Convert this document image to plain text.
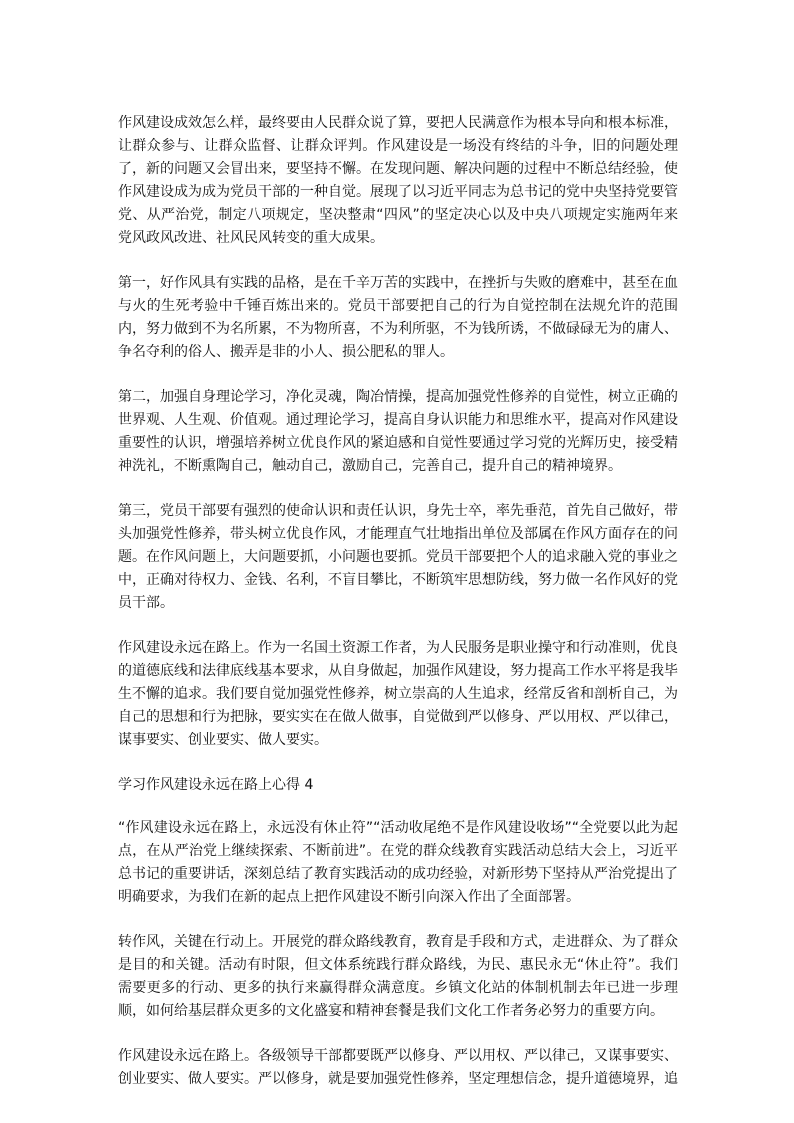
作风建设成效怎么样，最终要由人民群众说了算，要把人民满意作为根本导向和根本标准，让群众参与、让群众监督、让群众评判。作风建设是一场没有终结的斗争，旧的问题处理了，新的问题又会冒出来，要坚持不懈。在发现问题、解决问题的过程中不断总结经验，使作风建设成为成为党员干部的一种自觉。展现了以习近平同志为总书记的党中央坚持党要管党、从严治党，制定八项规定，坚决整肃“四风”的坚定决心以及中央八项规定实施两年来党风政风改进、社风民风转变的重大成果。

第一，好作风具有实践的品格，是在千辛万苦的实践中，在挫折与失败的磨难中，甚至在血与火的生死考验中千锤百炼出来的。党员干部要把自己的行为自觉控制在法规允许的范围内，努力做到不为名所累，不为物所喜，不为利所驱，不为钱所诱，不做碌碌无为的庸人、争名夺利的俗人、搬弄是非的小人、损公肥私的罪人。

第二，加强自身理论学习，净化灵魂，陶冶情操，提高加强党性修养的自觉性，树立正确的世界观、人生观、价值观。通过理论学习，提高自身认识能力和思维水平，提高对作风建设重要性的认识，增强培养树立优良作风的紧迫感和自觉性要通过学习党的光辉历史，接受精神洗礼，不断熏陶自己，触动自己，激励自己，完善自己，提升自己的精神境界。

第三，党员干部要有强烈的使命认识和责任认识，身先士卒，率先垂范，首先自己做好，带头加强党性修养，带头树立优良作风，才能理直气壮地指出单位及部属在作风方面存在的问题。在作风问题上，大问题要抓，小问题也要抓。党员干部要把个人的追求融入党的事业之中，正确对待权力、金钱、名利，不盲目攀比，不断筑牢思想防线，努力做一名作风好的党员干部。

作风建设永远在路上。作为一名国土资源工作者，为人民服务是职业操守和行动准则，优良的道德底线和法律底线基本要求，从自身做起，加强作风建设，努力提高工作水平将是我毕生不懈的追求。我们要自觉加强党性修养，树立崇高的人生追求，经常反省和剖析自己，为自己的思想和行为把脉，要实实在在做人做事，自觉做到严以修身、严以用权、严以律己，谋事要实、创业要实、做人要实。

学习作风建设永远在路上心得 4

“作风建设永远在路上，永远没有休止符”“活动收尾绝不是作风建设收场”“全党要以此为起点，在从严治党上继续探索、不断前进”。在党的群众线教育实践活动总结大会上，习近平总书记的重要讲话，深刻总结了教育实践活动的成功经验，对新形势下坚持从严治党提出了明确要求，为我们在新的起点上把作风建设不断引向深入作出了全面部署。

转作风，关键在行动上。开展党的群众路线教育，教育是手段和方式，走进群众、为了群众是目的和关键。活动有时限，但文体系统践行群众路线，为民、惠民永无“休止符”。我们需要更多的行动、更多的执行来赢得群众满意度。乡镇文化站的体制机制去年已进一步理顺，如何给基层群众更多的文化盛宴和精神套餐是我们文化工作者务必努力的重要方向。

作风建设永远在路上。各级领导干部都要既严以修身、严以用权、严以律己，又谋事要实、创业要实、做人要实。严以修身，就是要加强党性修养，坚定理想信念，提升道德境界，追
